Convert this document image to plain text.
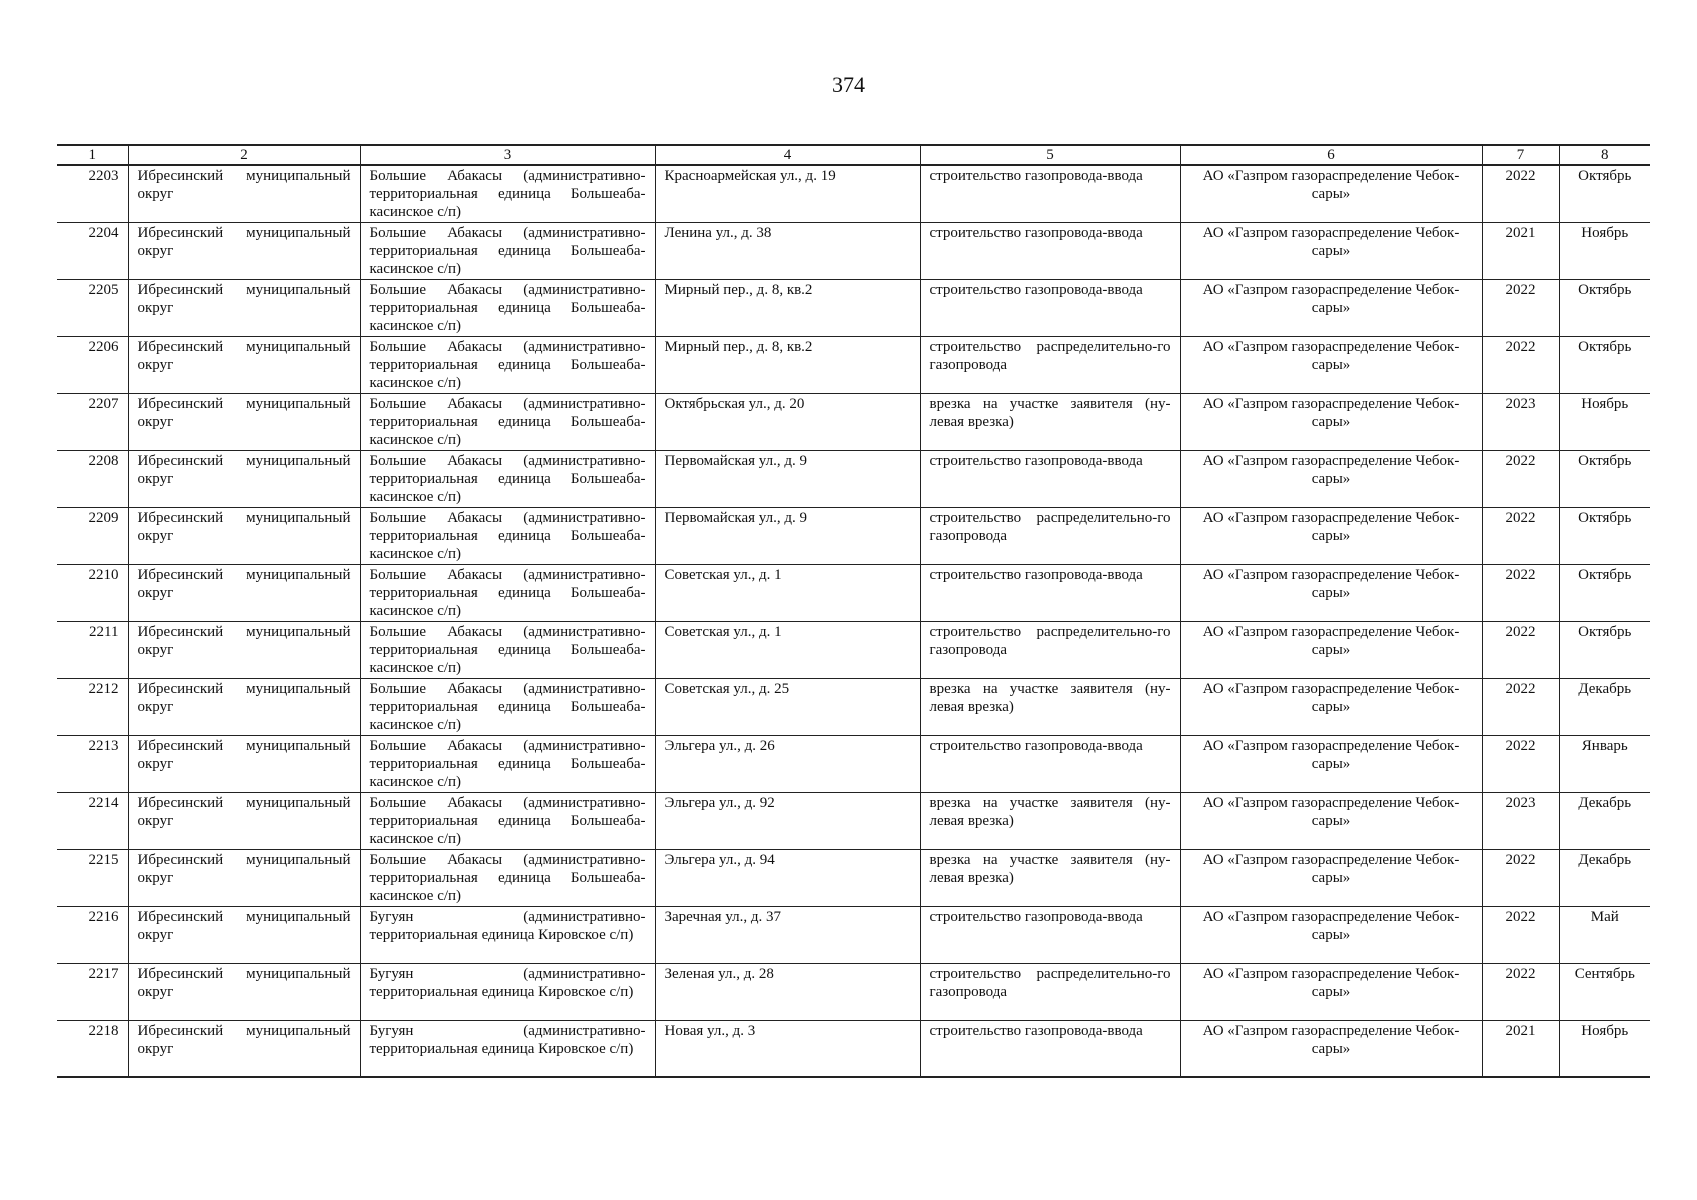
374
1	2	3	4	5	6	7	8
2203	Ибресинский муниципальный округ	Большие Абакасы (административно-территориальная единица Большеаба-касинское с/п)	Красноармейская ул., д. 19	строительство газопровода-ввода	АО «Газпром газораспределение Чебок-сары»	2022	Октябрь
2204	Ибресинский муниципальный округ	Большие Абакасы (административно-территориальная единица Большеаба-касинское с/п)	Ленина ул., д. 38	строительство газопровода-ввода	АО «Газпром газораспределение Чебок-сары»	2021	Ноябрь
2205	Ибресинский муниципальный округ	Большие Абакасы (административно-территориальная единица Большеаба-касинское с/п)	Мирный пер., д. 8, кв.2	строительство газопровода-ввода	АО «Газпром газораспределение Чебок-сары»	2022	Октябрь
2206	Ибресинский муниципальный округ	Большие Абакасы (административно-территориальная единица Большеаба-касинское с/п)	Мирный пер., д. 8, кв.2	строительство распределительно-го газопровода	АО «Газпром газораспределение Чебок-сары»	2022	Октябрь
2207	Ибресинский муниципальный округ	Большие Абакасы (административно-территориальная единица Большеаба-касинское с/п)	Октябрьская ул., д. 20	врезка на участке заявителя (ну-левая врезка)	АО «Газпром газораспределение Чебок-сары»	2023	Ноябрь
2208	Ибресинский муниципальный округ	Большие Абакасы (административно-территориальная единица Большеаба-касинское с/п)	Первомайская ул., д. 9	строительство газопровода-ввода	АО «Газпром газораспределение Чебок-сары»	2022	Октябрь
2209	Ибресинский муниципальный округ	Большие Абакасы (административно-территориальная единица Большеаба-касинское с/п)	Первомайская ул., д. 9	строительство распределительно-го газопровода	АО «Газпром газораспределение Чебок-сары»	2022	Октябрь
2210	Ибресинский муниципальный округ	Большие Абакасы (административно-территориальная единица Большеаба-касинское с/п)	Советская ул., д. 1	строительство газопровода-ввода	АО «Газпром газораспределение Чебок-сары»	2022	Октябрь
2211	Ибресинский муниципальный округ	Большие Абакасы (административно-территориальная единица Большеаба-касинское с/п)	Советская ул., д. 1	строительство распределительно-го газопровода	АО «Газпром газораспределение Чебок-сары»	2022	Октябрь
2212	Ибресинский муниципальный округ	Большие Абакасы (административно-территориальная единица Большеаба-касинское с/п)	Советская ул., д. 25	врезка на участке заявителя (ну-левая врезка)	АО «Газпром газораспределение Чебок-сары»	2022	Декабрь
2213	Ибресинский муниципальный округ	Большие Абакасы (административно-территориальная единица Большеаба-касинское с/п)	Эльгера ул., д. 26	строительство газопровода-ввода	АО «Газпром газораспределение Чебок-сары»	2022	Январь
2214	Ибресинский муниципальный округ	Большие Абакасы (административно-территориальная единица Большеаба-касинское с/п)	Эльгера ул., д. 92	врезка на участке заявителя (ну-левая врезка)	АО «Газпром газораспределение Чебок-сары»	2023	Декабрь
2215	Ибресинский муниципальный округ	Большие Абакасы (административно-территориальная единица Большеаба-касинское с/п)	Эльгера ул., д. 94	врезка на участке заявителя (ну-левая врезка)	АО «Газпром газораспределение Чебок-сары»	2022	Декабрь
2216	Ибресинский муниципальный округ	Бугуян (административно-территориальная единица Кировское с/п)	Заречная ул., д. 37	строительство газопровода-ввода	АО «Газпром газораспределение Чебок-сары»	2022	Май
2217	Ибресинский муниципальный округ	Бугуян (административно-территориальная единица Кировское с/п)	Зеленая ул., д. 28	строительство распределительно-го газопровода	АО «Газпром газораспределение Чебок-сары»	2022	Сентябрь
2218	Ибресинский муниципальный округ	Бугуян (административно-территориальная единица Кировское с/п)	Новая ул., д. 3	строительство газопровода-ввода	АО «Газпром газораспределение Чебок-сары»	2021	Ноябрь
